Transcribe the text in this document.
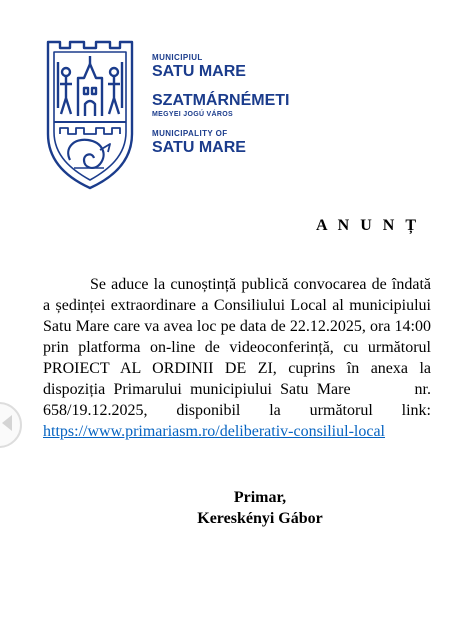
MUNICIPIUL
SATU MARE
SZATMÁRNÉMETI
MEGYEI JOGÚ VÁROS
MUNICIPALITY OF
SATU MARE
A N U N Ț

Se aduce la cunoștință publică convocarea de îndată a ședinței extraordinare a Consiliului Local al municipiului Satu Mare care va avea loc pe data de 22.12.2025, ora 14:00 prin platforma on-line de videoconferință, cu următorul PROIECT AL ORDINII DE ZI, cuprins în anexa la dispoziția Primarului municipiului Satu Mare	nr. 658/19.12.2025, disponibil la următorul link: https://www.primariasm.ro/deliberativ-consiliul-local

Primar,
Kereskényi Gábor
